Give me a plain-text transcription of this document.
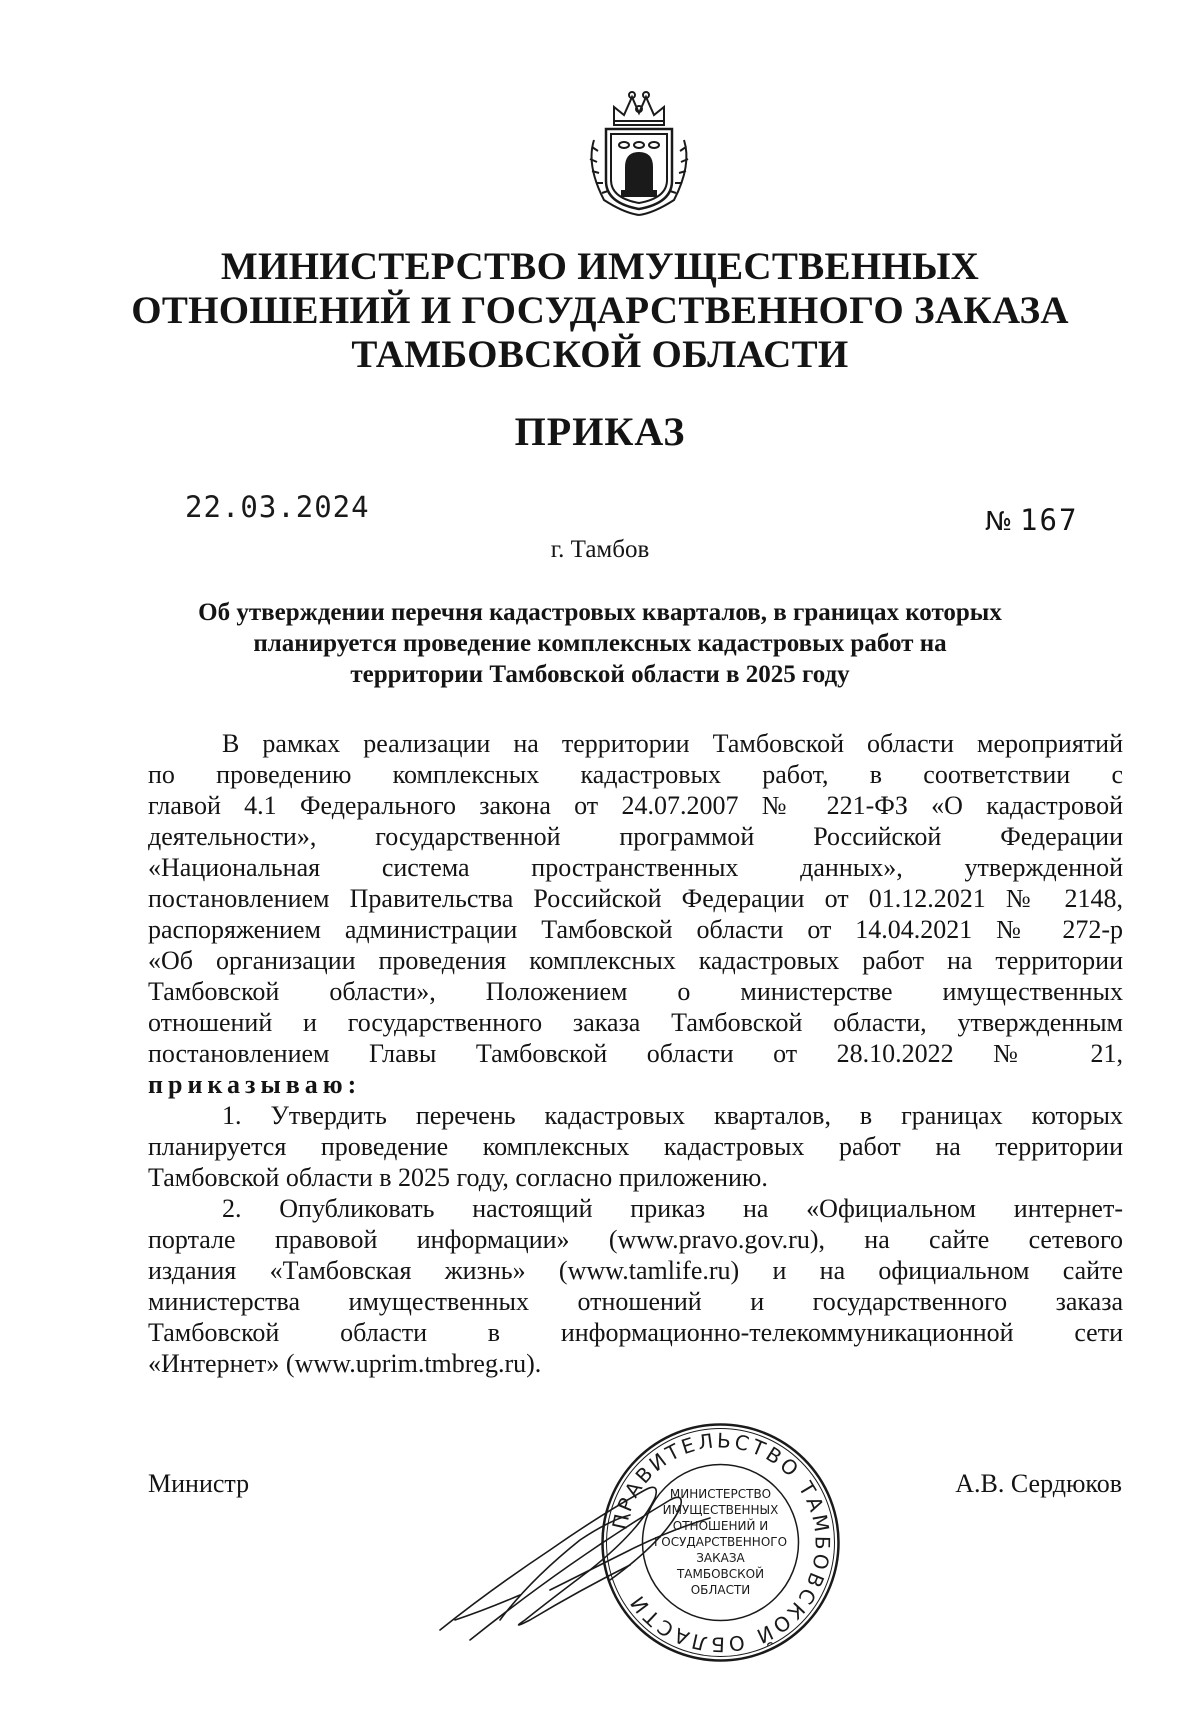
МИНИСТЕРСТВО ИМУЩЕСТВЕННЫХ
ОТНОШЕНИЙ И ГОСУДАРСТВЕННОГО ЗАКАЗА
ТАМБОВСКОЙ ОБЛАСТИ
ПРИКАЗ
22.03.2024	№ 167
г. Тамбов
Об утверждении перечня кадастровых кварталов, в границах которых
планируется проведение комплексных кадастровых работ на
территории Тамбовской области в 2025 году
В рамках реализации на территории Тамбовской области мероприятий
по проведению комплексных кадастровых работ, в соответствии с
главой 4.1 Федерального закона от 24.07.2007 № 221-ФЗ «О кадастровой
деятельности», государственной программой Российской Федерации
«Национальная система пространственных данных», утвержденной
постановлением Правительства Российской Федерации от 01.12.2021 № 2148,
распоряжением администрации Тамбовской области от 14.04.2021 № 272-р
«Об организации проведения комплексных кадастровых работ на территории
Тамбовской области», Положением о министерстве имущественных
отношений и государственного заказа Тамбовской области, утвержденным
постановлением Главы Тамбовской области от 28.10.2022 № 21,
приказываю:
1. Утвердить перечень кадастровых кварталов, в границах которых
планируется проведение комплексных кадастровых работ на территории
Тамбовской области в 2025 году, согласно приложению.
2. Опубликовать настоящий приказ на «Официальном интернет-
портале правовой информации» (www.pravo.gov.ru), на сайте сетевого
издания «Тамбовская жизнь» (www.tamlife.ru) и на официальном сайте
министерства имущественных отношений и государственного заказа
Тамбовской области в информационно-телекоммуникационной сети
«Интернет» (www.uprim.tmbreg.ru).
Министр	А.В. Сердюков
ПРАВИТЕЛЬСТВО ТАМБОВСКОЙ ОБЛАСТИ
МИНИСТЕРСТВО
ИМУЩЕСТВЕННЫХ
ОТНОШЕНИЙ И
ГОСУДАРСТВЕННОГО
ЗАКАЗА
ТАМБОВСКОЙ
ОБЛАСТИ
